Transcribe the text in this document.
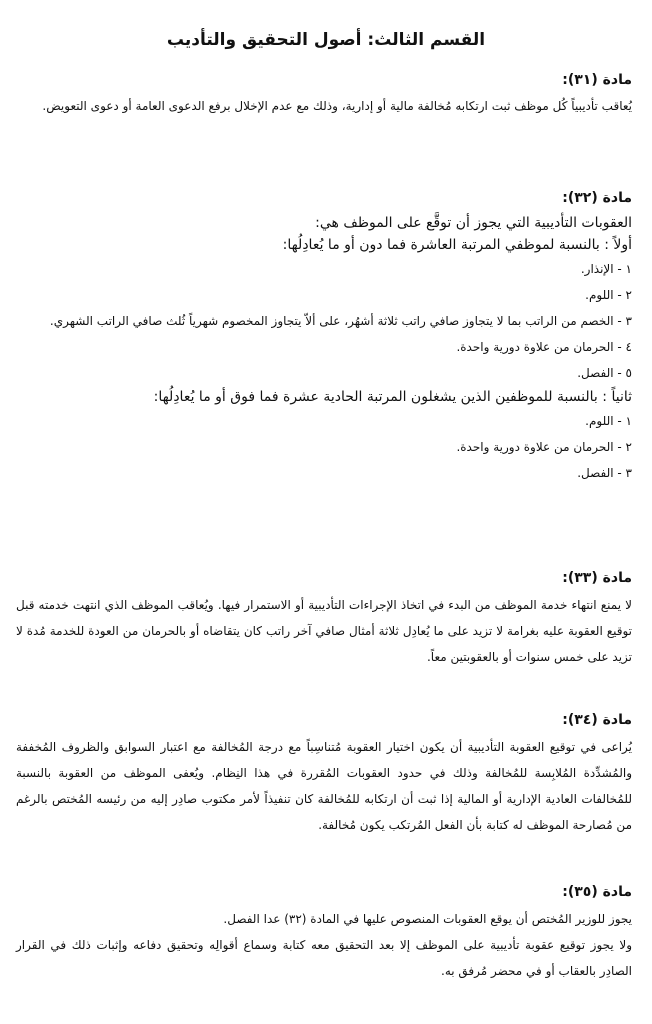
القسم الثالث: أصول التحقيق والتأديب

مادة (٣١):

يُعاقب تأديبياً كُل موظف ثبت ارتكابه مُخالفة مالية أو إدارية، وذلك مع عدم الإخلال برفع الدعوى العامة أو دعوى التعويض.

مادة (٣٢):

العقوبات التأديبية التي يجوز أن توقَّع على الموظف هي:

أولاً : بالنسبة لموظفي المرتبة العاشرة فما دون أو ما يُعادِلُها:

١ - الإنذار.

٢ - اللوم.

٣ - الخصم من الراتب بما لا يتجاوز صافي راتب ثلاثة أشهُر، على ألاّ يتجاوز المخصوم شهرياً ثُلث صافي الراتب الشهري.

٤ - الحرمان من علاوة دورية واحدة.

٥ - الفصل.

ثانياً : بالنسبة للموظفين الذين يشغلون المرتبة الحادية عشرة فما فوق أو ما يُعادِلُها:

١ - اللوم.

٢ - الحرمان من علاوة دورية واحدة.

٣ - الفصل.

مادة (٣٣):

لا يمنع انتهاء خدمة الموظف من البدء في اتخاذ الإجراءات التأديبية أو الاستمرار فيها. ويُعاقب الموظف الذي انتهت خدمته قبل توقيع العقوبة عليه بغرامة لا تزيد على ما يُعادِل ثلاثة أمثال صافي آخر راتب كان يتقاضاه أو بالحرمان من العودة للخدمة مُدة لا تزيد على خمس سنوات أو بالعقوبتين معاً.

مادة (٣٤):

يُراعى في توقيع العقوبة التأديبية أن يكون اختيار العقوبة مُتناسِباً مع درجة المُخالفة مع اعتبار السوابق والظروف المُخففة والمُشدِّدة المُلابِسة للمُخالفة وذلك في حدود العقوبات المُقررة في هذا النِظام. ويُعفى الموظف من العقوبة بالنسبة للمُخالفات العادية الإدارية أو المالية إذا ثبت أن ارتكابه للمُخالفة كان تنفيذاً لأمر مكتوب صادِر إليه من رئيسه المُختص بالرغم من مُصارحة الموظف له كتابة بأن الفعل المُرتكب يكون مُخالفة.

مادة (٣٥):

يجوز للوزير المُختص أن يوقع العقوبات المنصوص عليها في المادة (٣٢) عدا الفصل.

ولا يجوز توقيع عقوبة تأديبية على الموظف إلا بعد التحقيق معه كتابة وسماع أقوالِه وتحقيق دفاعه وإثبات ذلك في القرار الصادِر بالعقاب أو في محضر مُرفق به.
